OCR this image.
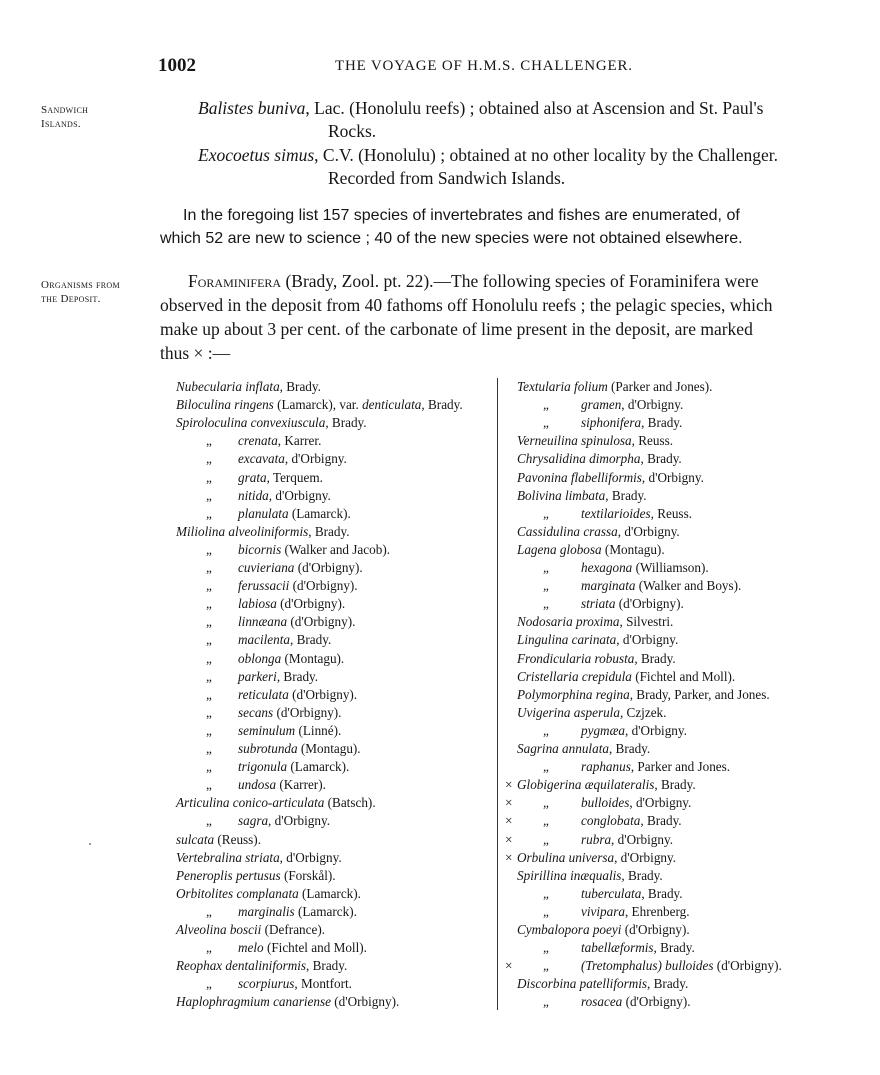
1002	THE VOYAGE OF H.M.S. CHALLENGER.
Sandwich
Islands.
Organisms from
the Deposit.
Balistes buniva, Lac. (Honolulu reefs) ; obtained also at Ascension and St. Paul's
Rocks.
Exocoetus simus, C.V. (Honolulu) ; obtained at no other locality by the Challenger.
Recorded from Sandwich Islands.
In the foregoing list 157 species of invertebrates and fishes are enumerated, of
which 52 are new to science ; 40 of the new species were not obtained elsewhere.
Foraminifera (Brady, Zool. pt. 22).—The following species of Foraminifera were
observed in the deposit from 40 fathoms off Honolulu reefs ; the pelagic species, which
make up about 3 per cent. of the carbonate of lime present in the deposit, are marked
thus × :—
Nubecularia inflata, Brady.
Biloculina ringens (Lamarck), var. denticulata, Brady.
Spiroloculina convexiuscula, Brady.
„ crenata, Karrer.
„ excavata, d'Orbigny.
„ grata, Terquem.
„ nitida, d'Orbigny.
„ planulata (Lamarck).
Miliolina alveoliniformis, Brady.
„ bicornis (Walker and Jacob).
„ cuvieriana (d'Orbigny).
„ ferussacii (d'Orbigny).
„ labiosa (d'Orbigny).
„ linnæana (d'Orbigny).
„ macilenta, Brady.
„ oblonga (Montagu).
„ parkeri, Brady.
„ reticulata (d'Orbigny).
„ secans (d'Orbigny).
„ seminulum (Linné).
„ subrotunda (Montagu).
„ trigonula (Lamarck).
„ undosa (Karrer).
Articulina conico-articulata (Batsch).
„ sagra, d'Orbigny.
sulcata (Reuss).
Vertebralina striata, d'Orbigny.
Peneroplis pertusus (Forskål).
Orbitolites complanata (Lamarck).
„ marginalis (Lamarck).
Alveolina boscii (Defrance).
„ melo (Fichtel and Moll).
Reophax dentaliniformis, Brady.
„ scorpiurus, Montfort.
Haplophragmium canariense (d'Orbigny).
Textularia folium (Parker and Jones).
„ gramen, d'Orbigny.
„ siphonifera, Brady.
Verneuilina spinulosa, Reuss.
Chrysalidina dimorpha, Brady.
Pavonina flabelliformis, d'Orbigny.
Bolivina limbata, Brady.
„ textilarioides, Reuss.
Cassidulina crassa, d'Orbigny.
Lagena globosa (Montagu).
„ hexagona (Williamson).
„ marginata (Walker and Boys).
„ striata (d'Orbigny).
Nodosaria proxima, Silvestri.
Lingulina carinata, d'Orbigny.
Frondicularia robusta, Brady.
Cristellaria crepidula (Fichtel and Moll).
Polymorphina regina, Brady, Parker, and Jones.
Uvigerina asperula, Czjzek.
„ pygmæa, d'Orbigny.
Sagrina annulata, Brady.
„ raphanus, Parker and Jones.
× Globigerina æquilateralis, Brady.
× „ bulloides, d'Orbigny.
× „ conglobata, Brady.
× „ rubra, d'Orbigny.
× Orbulina universa, d'Orbigny.
Spirillina inæqualis, Brady.
„ tuberculata, Brady.
„ vivipara, Ehrenberg.
Cymbalopora poeyi (d'Orbigny).
„ tabellæformis, Brady.
× „ (Tretomphalus) bulloides (d'Orbigny).
Discorbina patelliformis, Brady.
„ rosacea (d'Orbigny).
